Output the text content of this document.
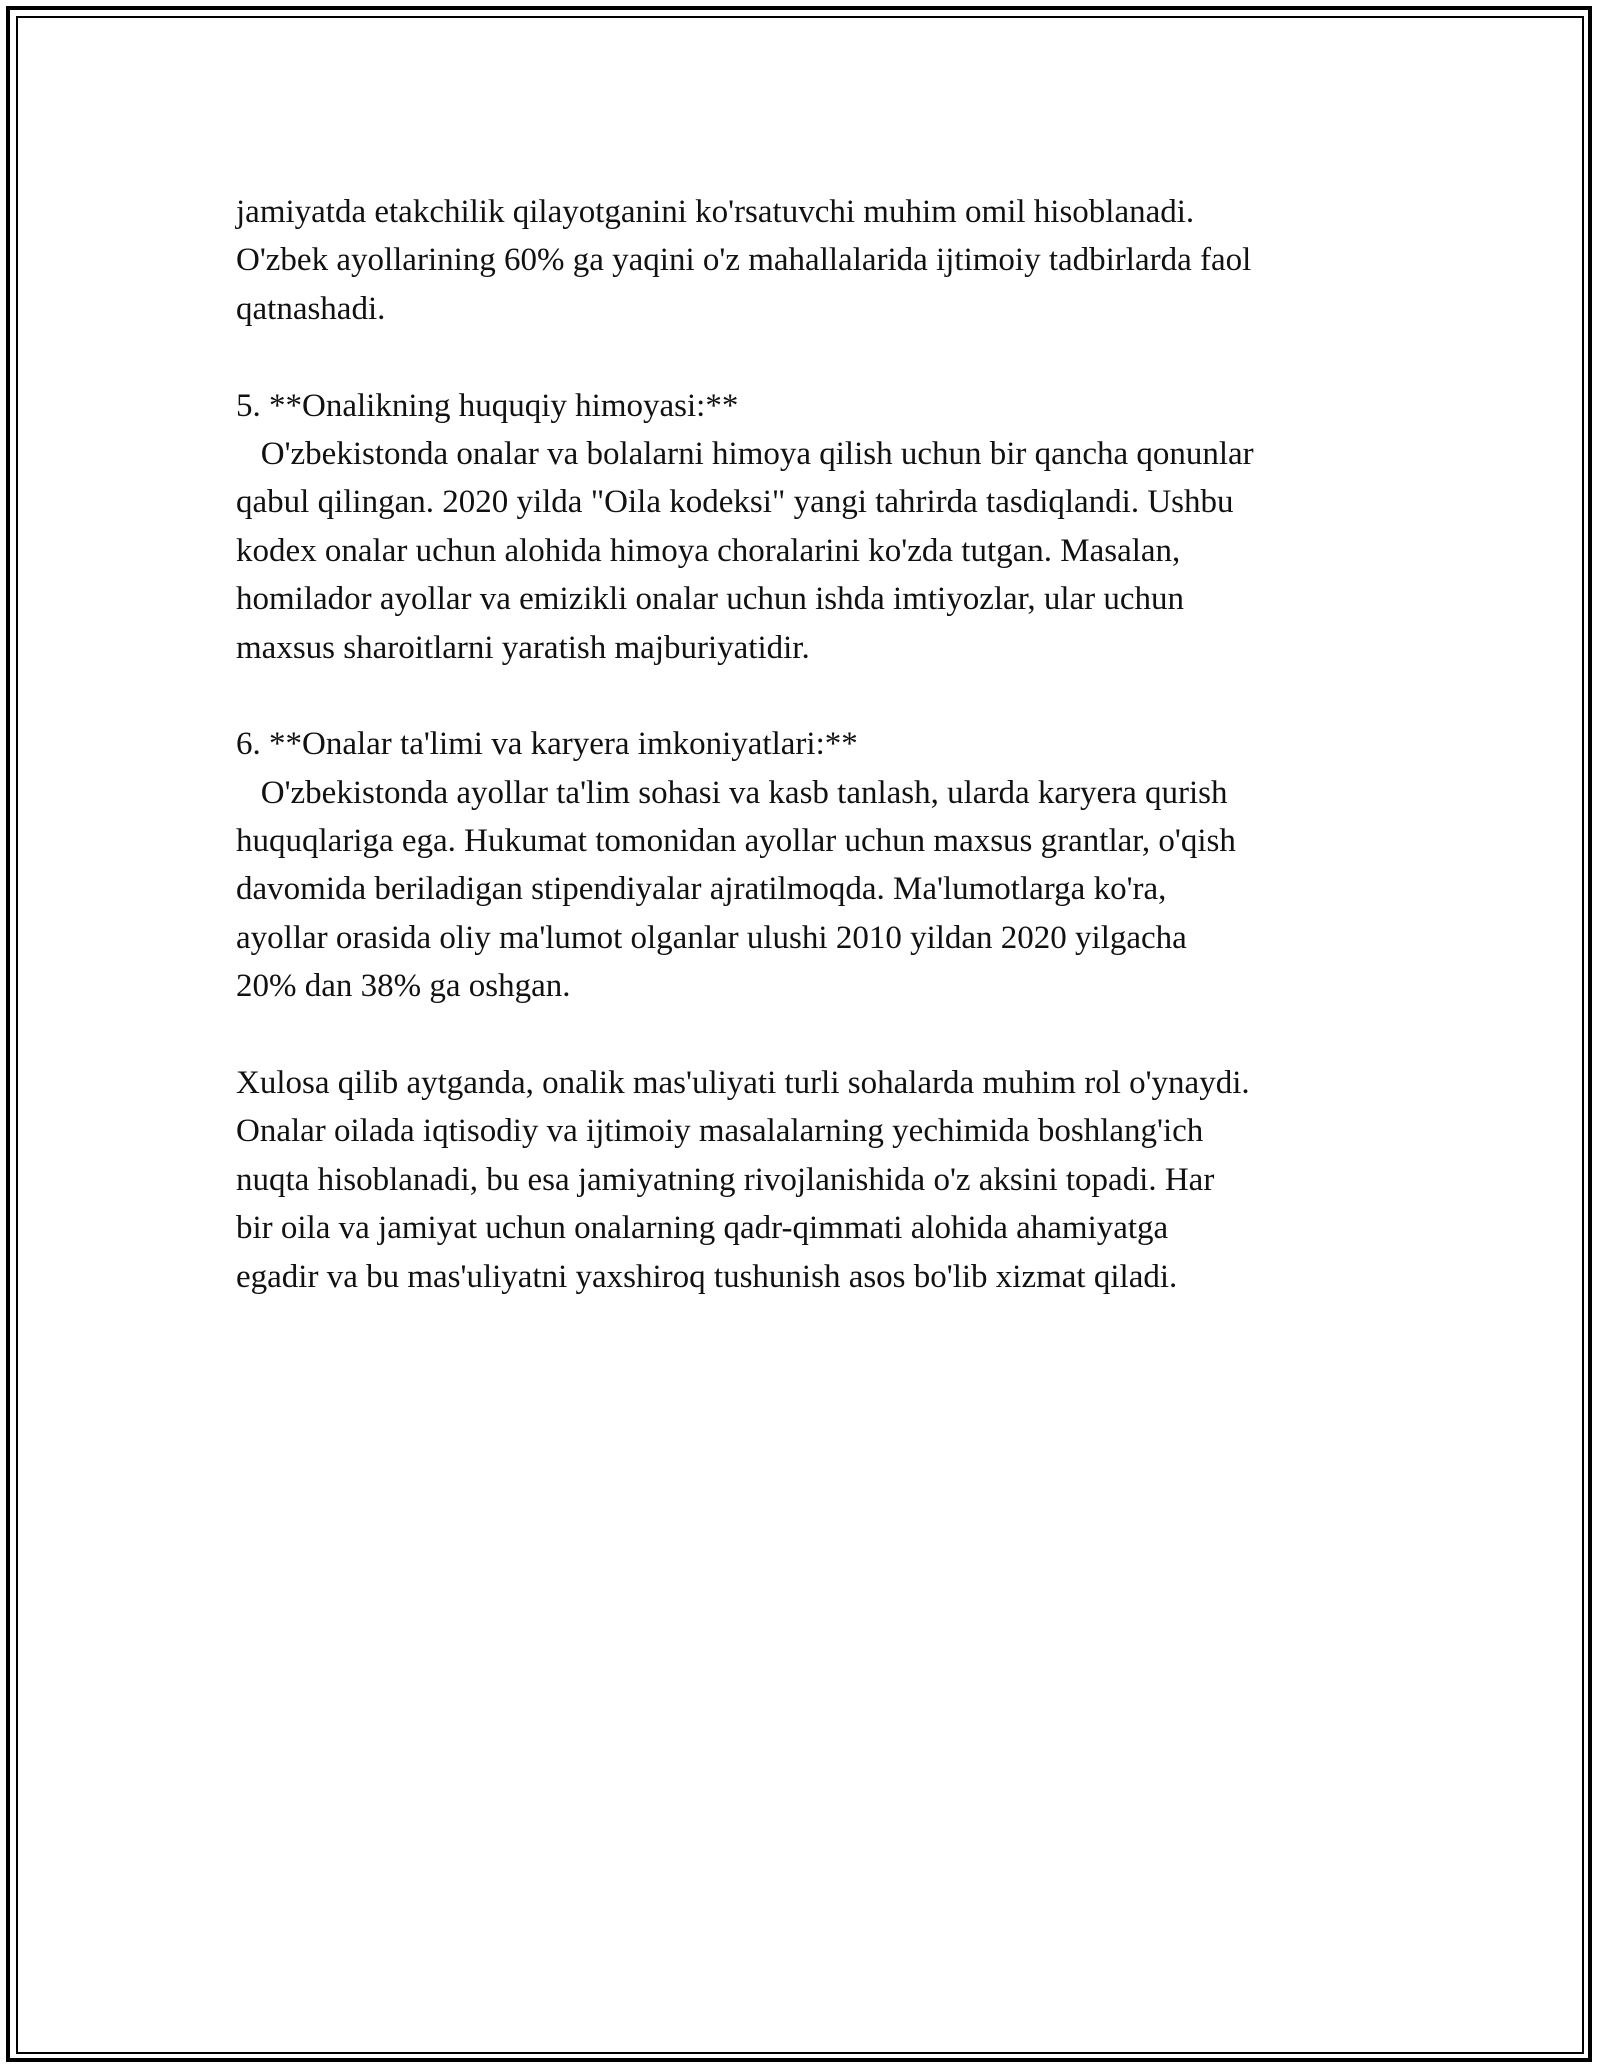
jamiyatda etakchilik qilayotganini ko'rsatuvchi muhim omil hisoblanadi.
O'zbek ayollarining 60% ga yaqini o'z mahallalarida ijtimoiy tadbirlarda faol
qatnashadi.
5. **Onalikning huquqiy himoyasi:**
O'zbekistonda onalar va bolalarni himoya qilish uchun bir qancha qonunlar
qabul qilingan. 2020 yilda "Oila kodeksi" yangi tahrirda tasdiqlandi. Ushbu
kodex onalar uchun alohida himoya choralarini ko'zda tutgan. Masalan,
homilador ayollar va emizikli onalar uchun ishda imtiyozlar, ular uchun
maxsus sharoitlarni yaratish majburiyatidir.
6. **Onalar ta'limi va karyera imkoniyatlari:**
O'zbekistonda ayollar ta'lim sohasi va kasb tanlash, ularda karyera qurish
huquqlariga ega. Hukumat tomonidan ayollar uchun maxsus grantlar, o'qish
davomida beriladigan stipendiyalar ajratilmoqda. Ma'lumotlarga ko'ra,
ayollar orasida oliy ma'lumot olganlar ulushi 2010 yildan 2020 yilgacha
20% dan 38% ga oshgan.
Xulosa qilib aytganda, onalik mas'uliyati turli sohalarda muhim rol o'ynaydi.
Onalar oilada iqtisodiy va ijtimoiy masalalarning yechimida boshlang'ich
nuqta hisoblanadi, bu esa jamiyatning rivojlanishida o'z aksini topadi. Har
bir oila va jamiyat uchun onalarning qadr-qimmati alohida ahamiyatga
egadir va bu mas'uliyatni yaxshiroq tushunish asos bo'lib xizmat qiladi.
